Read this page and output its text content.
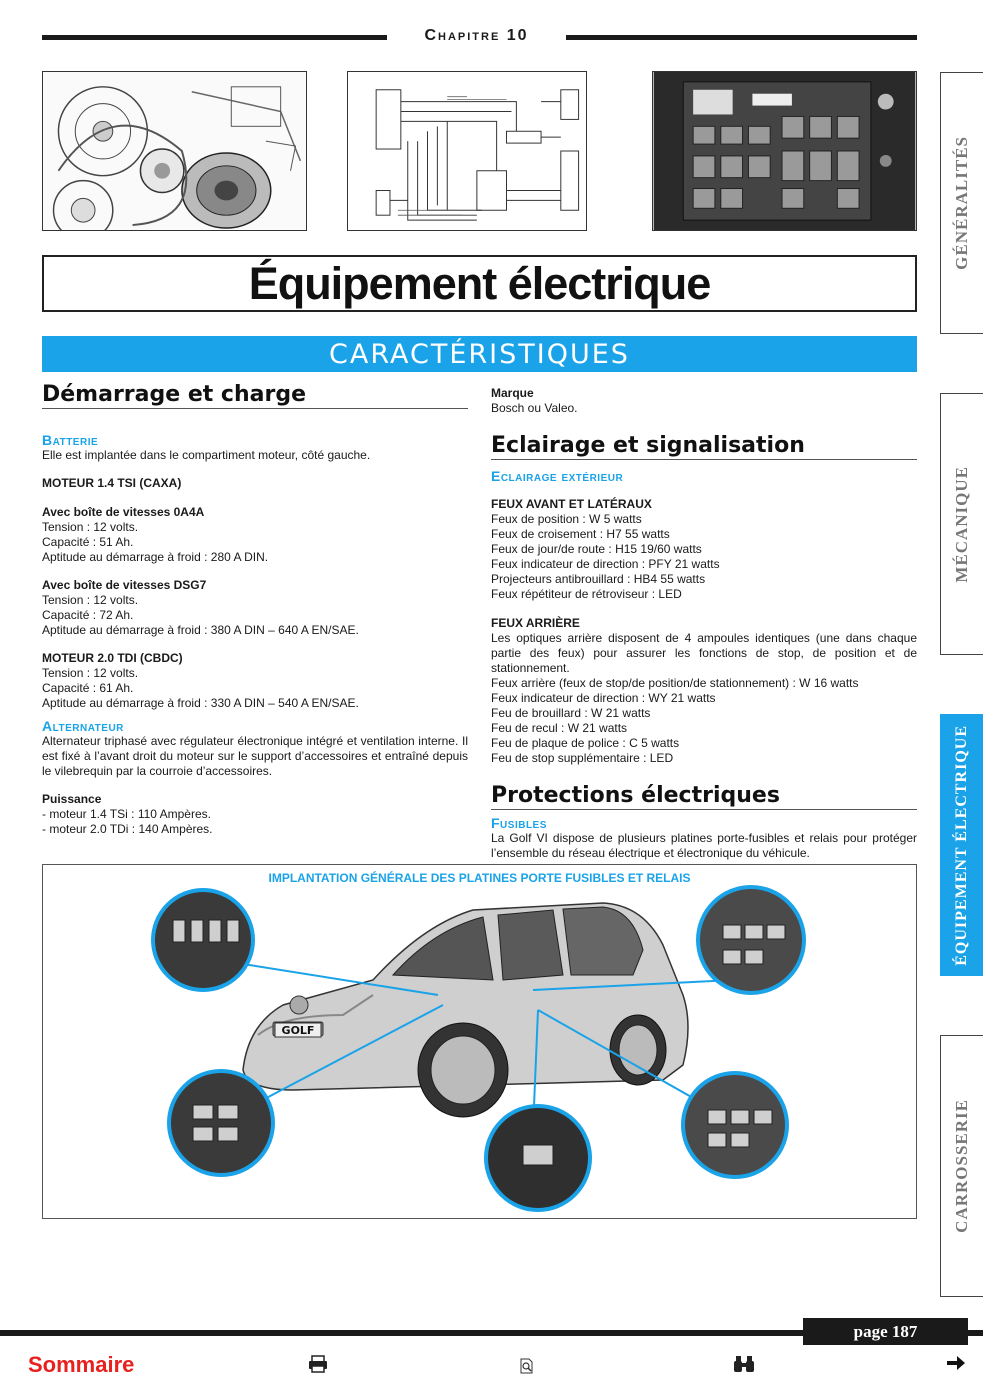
Chapitre 10
Équipement électrique
CARACTÉRISTIQUES
Démarrage et charge
Batterie
Elle est implantée dans le compartiment moteur, côté gauche.
MOTEUR 1.4 TSI (CAXA)
Avec boîte de vitesses 0A4A
Tension : 12 volts.
Capacité : 51 Ah.
Aptitude au démarrage à froid : 280 A DIN.
Avec boîte de vitesses DSG7
Tension : 12 volts.
Capacité : 72 Ah.
Aptitude au démarrage à froid : 380 A DIN – 640 A EN/SAE.
MOTEUR 2.0 TDI (CBDC)
Tension : 12 volts.
Capacité : 61 Ah.
Aptitude au démarrage à froid : 330 A DIN – 540 A EN/SAE.
Alternateur
Alternateur triphasé avec régulateur électronique intégré et ventilation interne. Il est fixé à l’avant droit du moteur sur le support d’accessoires et entraîné depuis le vilebrequin par la courroie d’accessoires.
Puissance
- moteur 1.4 TSi : 110 Ampères.
- moteur 2.0 TDi : 140 Ampères.
Marque
Bosch ou Valeo.
Eclairage et signalisation
Eclairage extérieur
FEUX AVANT ET LATÉRAUX
Feux de position : W 5 watts
Feux de croisement : H7 55 watts
Feux de jour/de route : H15 19/60 watts
Feux indicateur de direction : PFY 21 watts
Projecteurs antibrouillard : HB4 55 watts
Feux répétiteur de rétroviseur : LED
FEUX ARRIÈRE
Les optiques arrière disposent de 4 ampoules identiques (une dans chaque partie des feux) pour assurer les fonctions de stop, de position et de stationnement.
Feux arrière (feux de stop/de position/de stationnement) : W 16 watts
Feux indicateur de direction : WY 21 watts
Feu de brouillard : W 21 watts
Feu de recul : W 21 watts
Feu de plaque de police : C 5 watts
Feu de stop supplémentaire : LED
Protections électriques
Fusibles
La Golf VI dispose de plusieurs platines porte-fusibles et relais pour protéger l’ensemble du réseau électrique et électronique du véhicule.
GOLF
IMPLANTATION GÉNÉRALE DES PLATINES PORTE FUSIBLES ET RELAIS
GÉNÉRALITÉS
MÉCANIQUE
ÉQUIPEMENT ÉLECTRIQUE
CARROSSERIE
page 187
Sommaire
